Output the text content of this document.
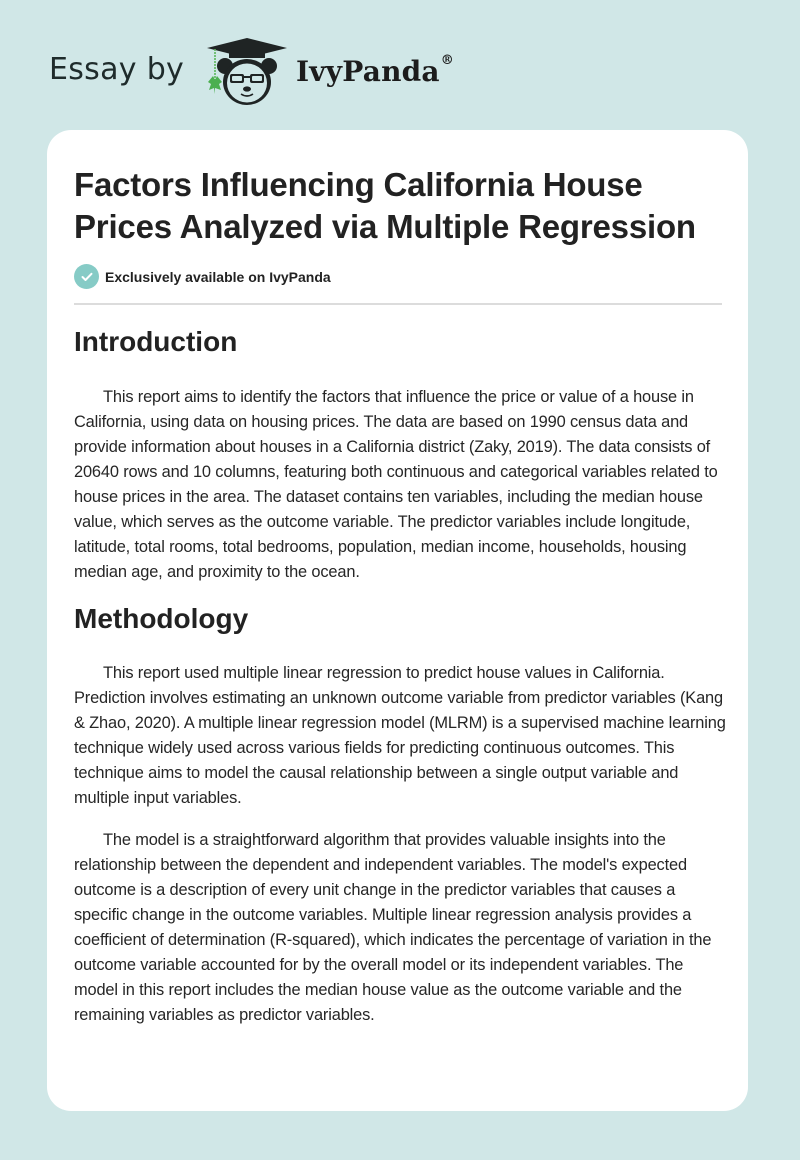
Essay by	IvyPanda®
Factors Influencing California House Prices Analyzed via Multiple Regression
Exclusively available on IvyPanda
Introduction

This report aims to identify the factors that influence the price or value of a house in California, using data on housing prices. The data are based on 1990 census data and provide information about houses in a California district (Zaky, 2019). The data consists of 20640 rows and 10 columns, featuring both continuous and categorical variables related to house prices in the area. The dataset contains ten variables, including the median house value, which serves as the outcome variable. The predictor variables include longitude, latitude, total rooms, total bedrooms, population, median income, households, housing median age, and proximity to the ocean.

Methodology

This report used multiple linear regression to predict house values in California. Prediction involves estimating an unknown outcome variable from predictor variables (Kang & Zhao, 2020). A multiple linear regression model (MLRM) is a supervised machine learning technique widely used across various fields for predicting continuous outcomes. This technique aims to model the causal relationship between a single output variable and multiple input variables.

The model is a straightforward algorithm that provides valuable insights into the relationship between the dependent and independent variables. The model's expected outcome is a description of every unit change in the predictor variables that causes a specific change in the outcome variables. Multiple linear regression analysis provides a coefficient of determination (R-squared), which indicates the percentage of variation in the outcome variable accounted for by the overall model or its independent variables. The model in this report includes the median house value as the outcome variable and the remaining variables as predictor variables.
